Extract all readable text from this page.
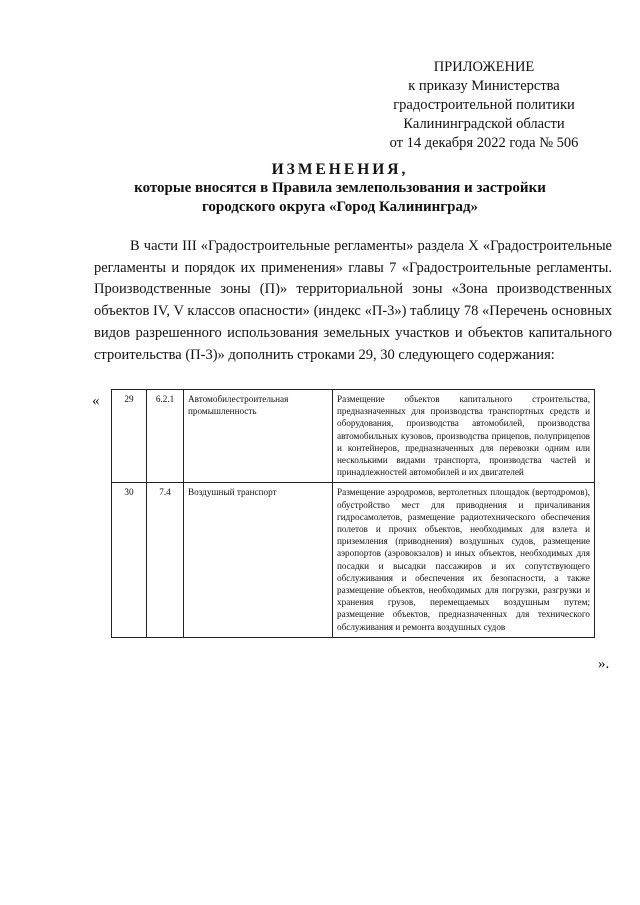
ПРИЛОЖЕНИЕ
к приказу Министерства
градостроительной политики
Калининградской области
от 14 декабря 2022 года № 506
ИЗМЕНЕНИЯ,
которые вносятся в Правила землепользования и застройки
городского округа «Город Калининград»

В части III «Градостроительные регламенты» раздела X «Градостроительные регламенты и порядок их применения» главы 7 «Градостроительные регламенты. Производственные зоны (П)» территориальной зоны «Зона производственных объектов IV, V классов опасности» (индекс «П-3») таблицу 78 «Перечень основных видов разрешенного использования земельных участков и объектов капитального строительства (П-3)» дополнить строками 29, 30 следующего содержания:

«	29	6.2.1	Автомобилестроительная промышленность	Размещение объектов капитального строительства, предназначенных для производства транспортных средств и оборудования, производства автомобилей, производства автомобильных кузовов, производства прицепов, полуприцепов и контейнеров, предназначенных для перевозки одним или несколькими видами транспорта, производства частей и принадлежностей автомобилей и их двигателей
30	7.4	Воздушный транспорт	Размещение аэродромов, вертолетных площадок (вертодромов), обустройство мест для приводнения и причаливания гидросамолетов, размещение радиотехнического обеспечения полетов и прочих объектов, необходимых для взлета и приземления (приводнения) воздушных судов, размещение аэропортов (аэровокзалов) и иных объектов, необходимых для посадки и высадки пассажиров и их сопутствующего обслуживания и обеспечения их безопасности, а также размещение объектов, необходимых для погрузки, разгрузки и хранения грузов, перемещаемых воздушным путем; размещение объектов, предназначенных для технического обслуживания и ремонта воздушных судов
».
